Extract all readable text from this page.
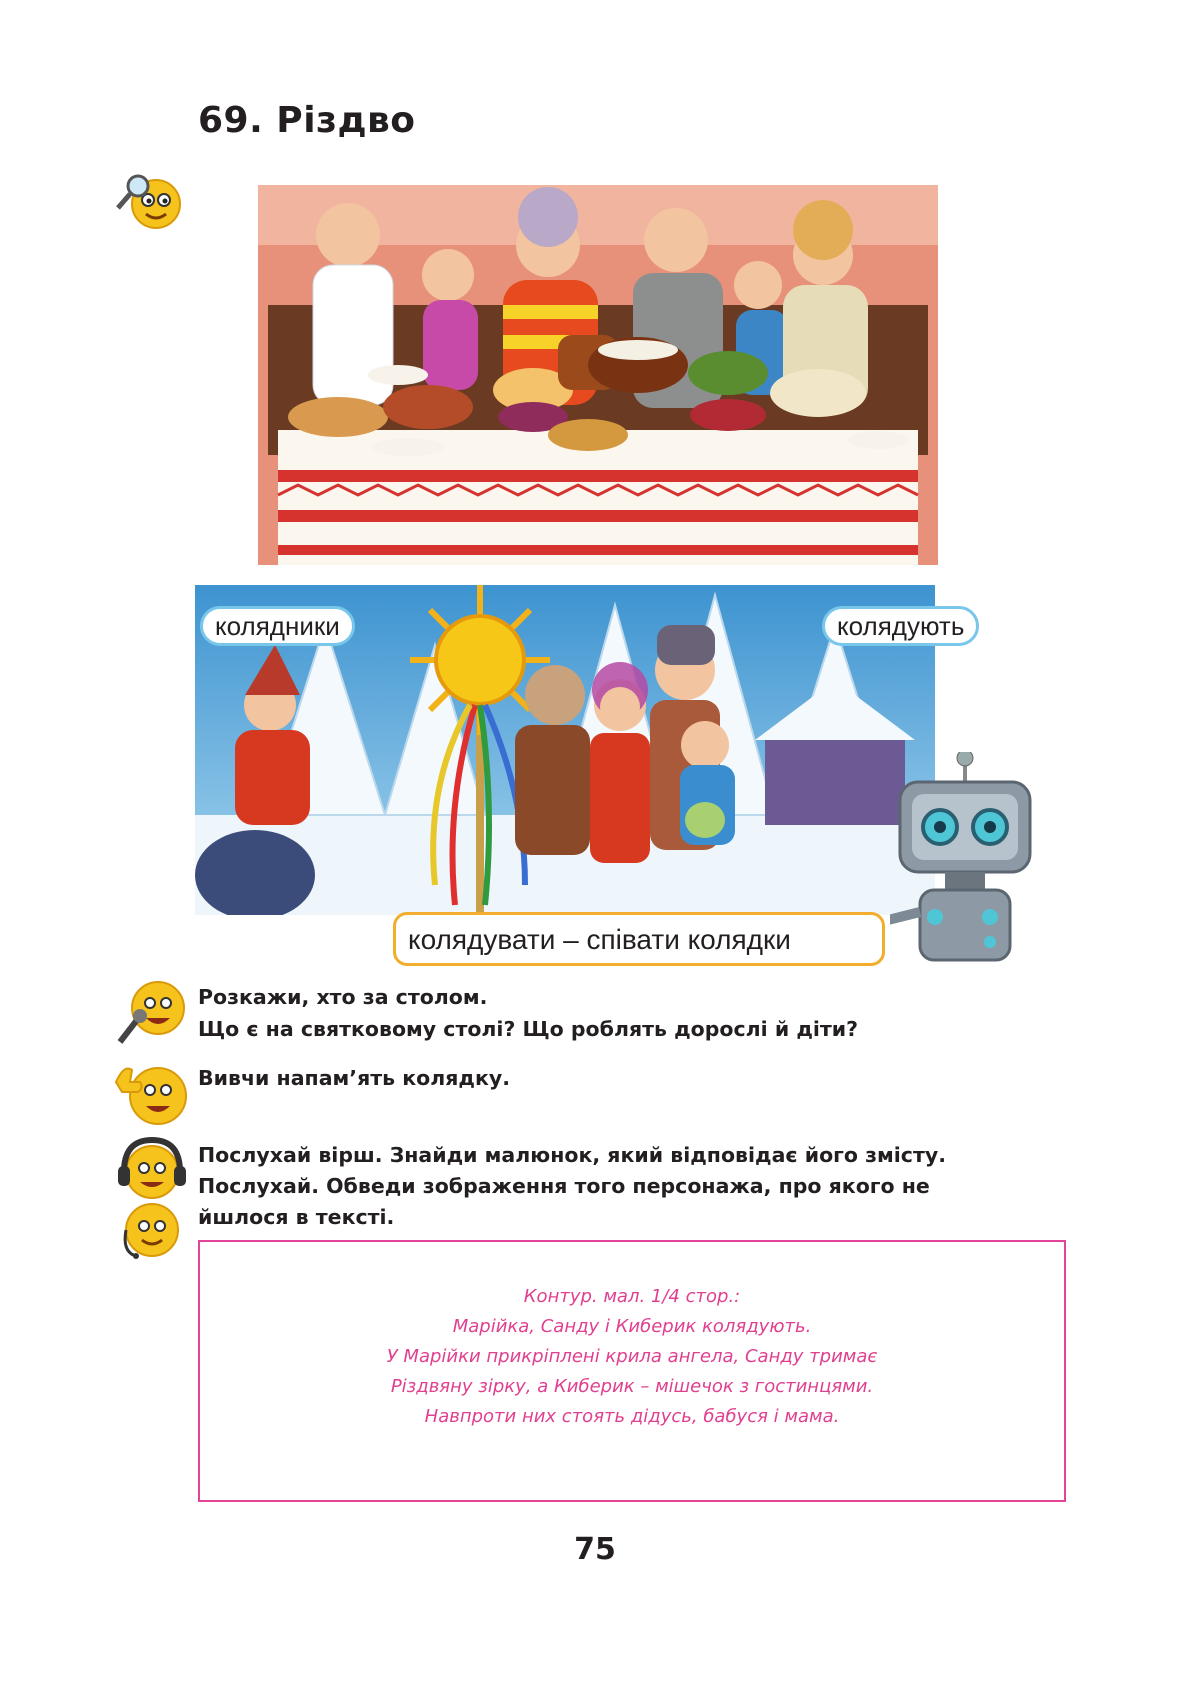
69. Різдво
колядники	колядують
колядувати – співати колядки
Розкажи, хто за столом.
Що є на святковому столі? Що роблять дорослі й діти?
Вивчи напам’ять колядку.
Послухай вірш. Знайди малюнок, який відповідає його змісту.
Послухай. Обведи зображення того персонажа, про якого не
йшлося в тексті.
Контур. мал. 1/4 стор.:
Марійка, Санду і Киберик колядують.
У Марійки прикріплені крила ангела, Санду тримає
Різдвяну зірку, а Киберик – мішечок з гостинцями.
Навпроти них стоять дідусь, бабуся і мама.
75
